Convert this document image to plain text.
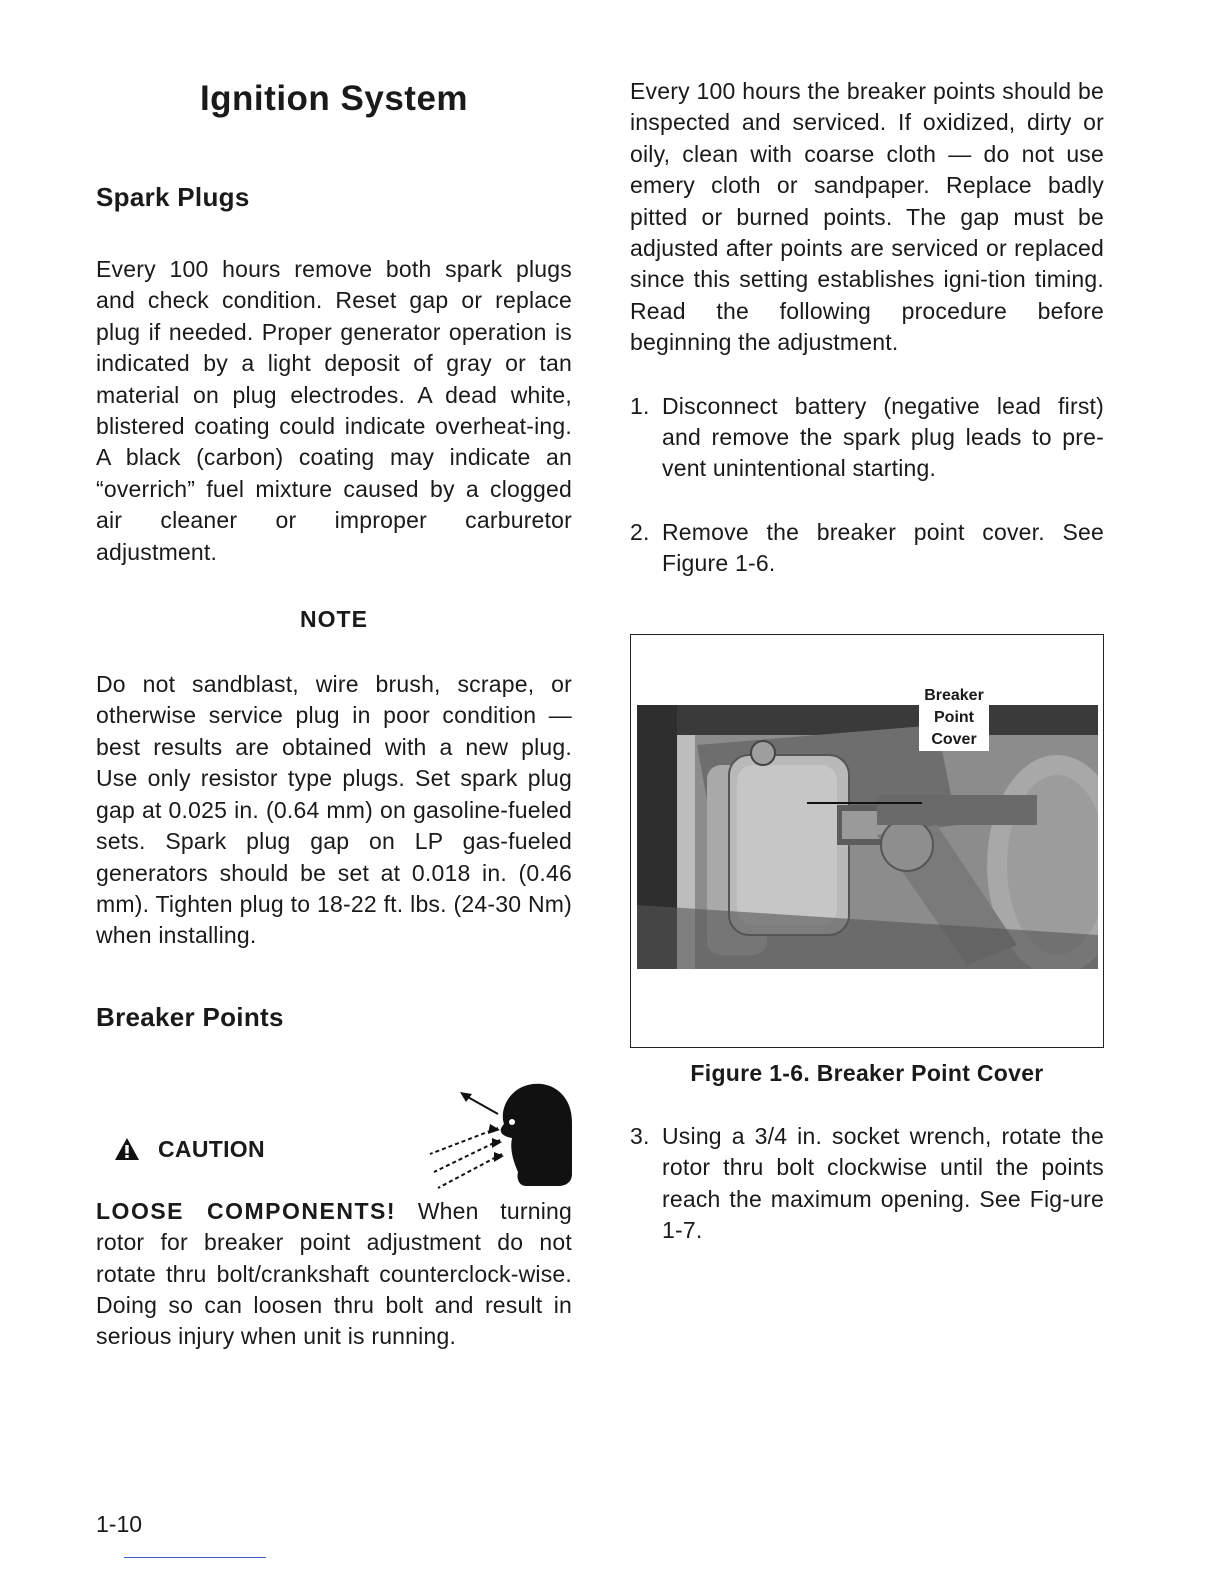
Ignition System
Spark Plugs

Every 100 hours remove both spark plugs and check condition. Reset gap or replace plug if needed. Proper generator operation is indicated by a light deposit of gray or tan material on plug electrodes. A dead white, blistered coating could indicate overheat-ing. A black (carbon) coating may indicate an “overrich” fuel mixture caused by a clogged air cleaner or improper carburetor adjustment.

NOTE

Do not sandblast, wire brush, scrape, or otherwise service plug in poor condition — best results are obtained with a new plug. Use only resistor type plugs. Set spark plug gap at 0.025 in. (0.64 mm) on gasoline-fueled sets. Spark plug gap on LP gas-fueled generators should be set at 0.018 in. (0.46 mm). Tighten plug to 18-22 ft. lbs. (24-30 Nm) when installing.

Breaker Points
CAUTION

LOOSE COMPONENTS! When turning rotor for breaker point adjustment do not rotate thru bolt/crankshaft counterclock-wise. Doing so can loosen thru bolt and result in serious injury when unit is running.

Every 100 hours the breaker points should be inspected and serviced. If oxidized, dirty or oily, clean with coarse cloth — do not use emery cloth or sandpaper. Replace badly pitted or burned points. The gap must be adjusted after points are serviced or replaced since this setting establishes igni-tion timing. Read the following procedure before beginning the adjustment.

1. Disconnect battery (negative lead first) and remove the spark plug leads to pre-vent unintentional starting.
2. Remove the breaker point cover. See Figure 1-6.
Breaker
Point
Cover

Figure 1-6. Breaker Point Cover

3. Using a 3/4 in. socket wrench, rotate the rotor thru bolt clockwise until the points reach the maximum opening. See Fig-ure 1-7.
1-10
